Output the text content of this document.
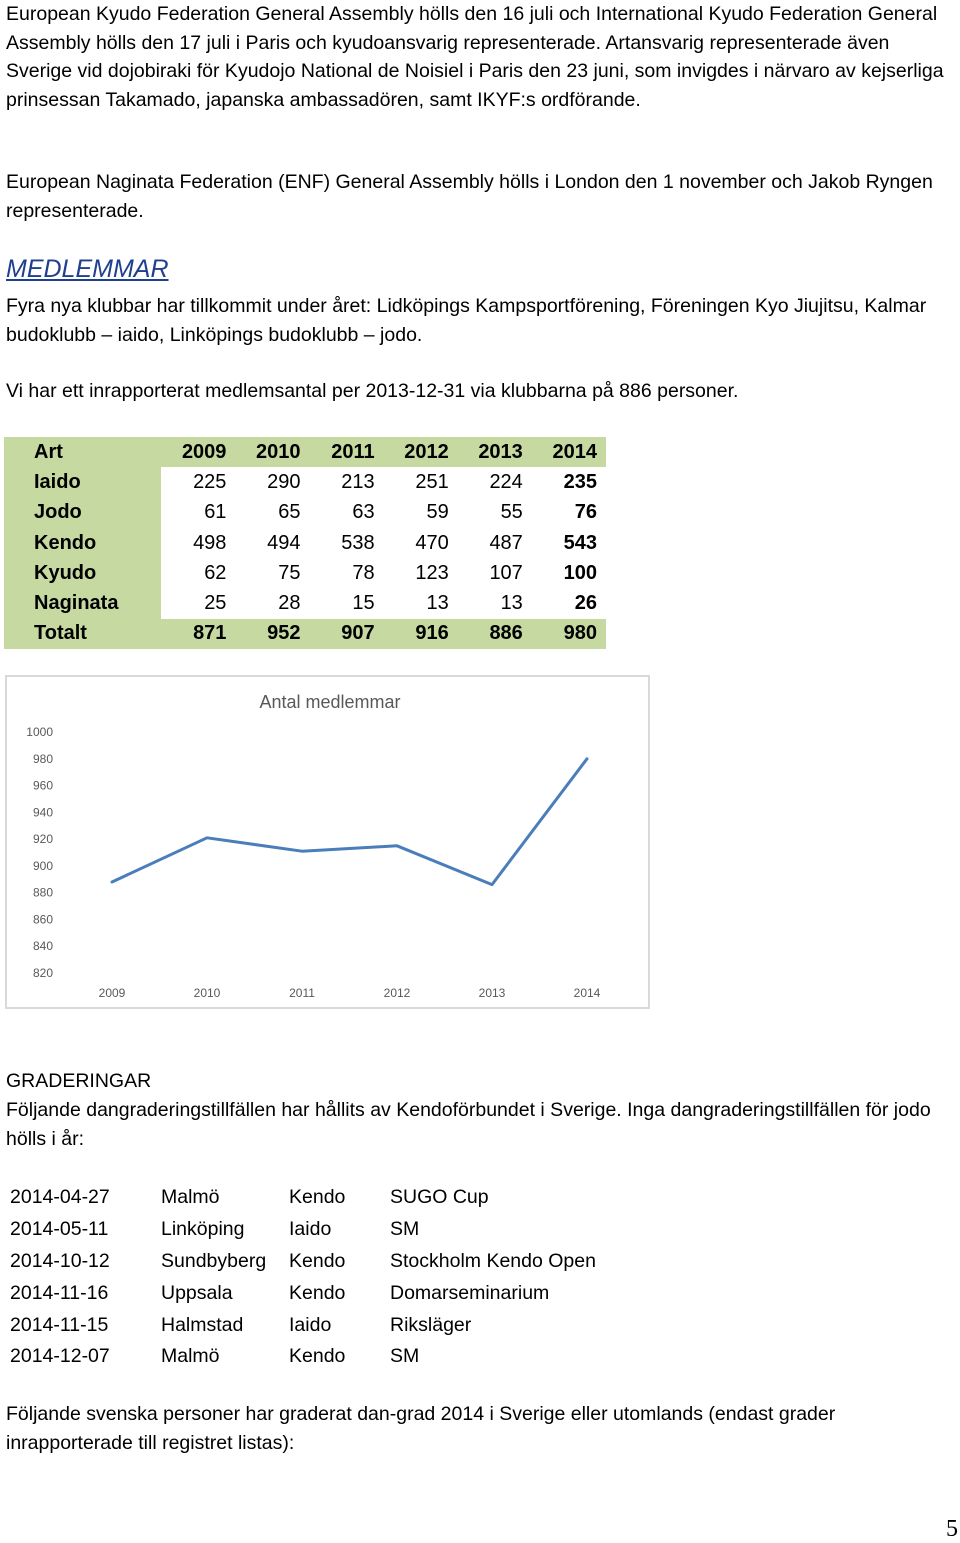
European Kyudo Federation General Assembly hölls den 16 juli och International Kyudo Federation General Assembly hölls den 17 juli i Paris och kyudoansvarig representerade. Artansvarig representerade även Sverige vid dojobiraki för Kyudojo National de Noisiel i Paris den 23 juni, som invigdes i närvaro av kejserliga prinsessan Takamado, japanska ambassadören, samt IKYF:s ordförande.

European Naginata Federation (ENF) General Assembly hölls i London den 1 november och Jakob Ryngen representerade.

MEDLEMMAR

Fyra nya klubbar har tillkommit under året: Lidköpings Kampsportförening, Föreningen Kyo Jiujitsu, Kalmar budoklubb – iaido, Linköpings budoklubb – jodo.

Vi har ett inrapporterat medlemsantal per 2013-12-31 via klubbarna på 886 personer.

Art	2009	2010	2011	2012	2013	2014
Iaido	225	290	213	251	224	235
Jodo	61	65	63	59	55	76
Kendo	498	494	538	470	487	543
Kyudo	62	75	78	123	107	100
Naginata	25	28	15	13	13	26
Totalt	871	952	907	916	886	980
Antal medlemmar
820
840
860
880
900
920
940
960
980
1000
2009	2010	2011	2012	2013	2014
GRADERINGAR

Följande dangraderingstillfällen har hållits av Kendoförbundet i Sverige. Inga dangraderingstillfällen för jodo hölls i år:

2014-04-27	Malmö	Kendo	SUGO Cup
2014-05-11	Linköping	Iaido	SM
2014-10-12	Sundbyberg	Kendo	Stockholm Kendo Open
2014-11-16	Uppsala	Kendo	Domarseminarium
2014-11-15	Halmstad	Iaido	Riksläger
2014-12-07	Malmö	Kendo	SM

Följande svenska personer har graderat dan-grad 2014 i Sverige eller utomlands (endast grader inrapporterade till registret listas):

5
